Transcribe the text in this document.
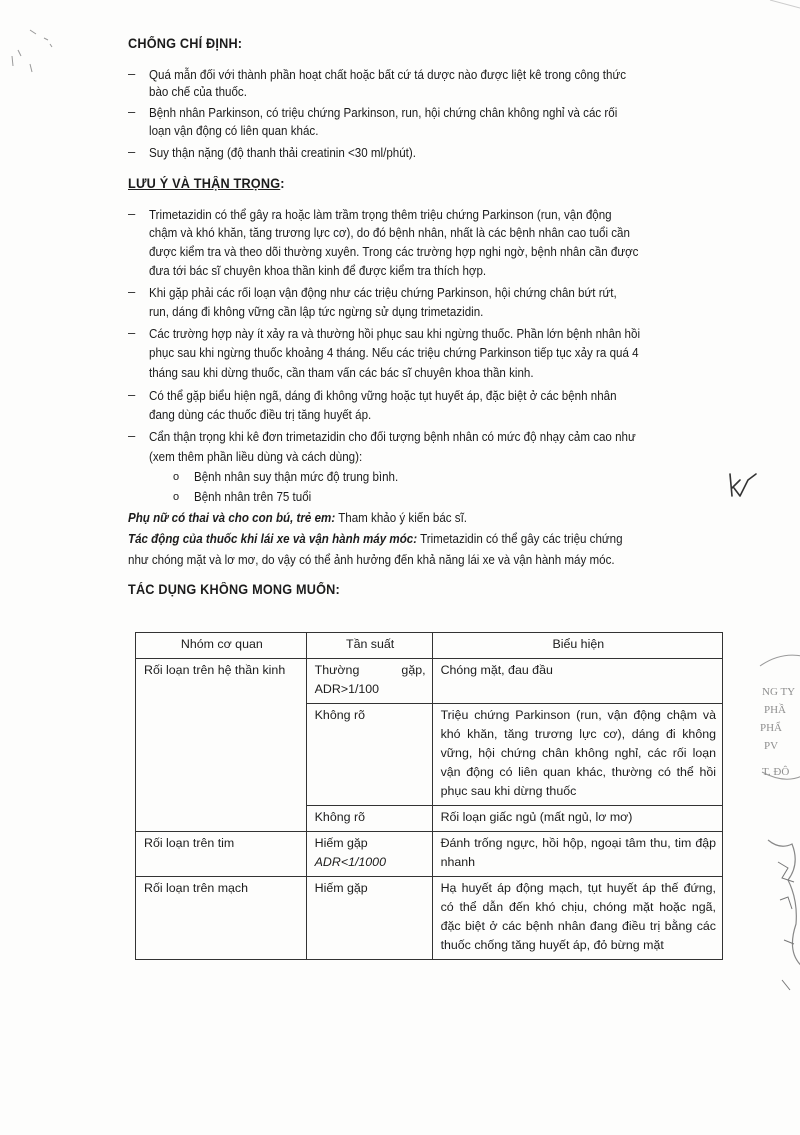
CHỐNG CHỈ ĐỊNH:
– Quá mẫn đối với thành phần hoạt chất hoặc bất cứ tá dược nào được liệt kê trong công thức
bào chế của thuốc.
– Bệnh nhân Parkinson, có triệu chứng Parkinson, run, hội chứng chân không nghỉ và các rối
loạn vận động có liên quan khác.
– Suy thận nặng (độ thanh thải creatinin <30 ml/phút).
LƯU Ý VÀ THẬN TRỌNG:
– Trimetazidin có thể gây ra hoặc làm trầm trọng thêm triệu chứng Parkinson (run, vận động
chậm và khó khăn, tăng trương lực cơ), do đó bệnh nhân, nhất là các bệnh nhân cao tuổi cần
được kiểm tra và theo dõi thường xuyên. Trong các trường hợp nghi ngờ, bệnh nhân cần được
đưa tới bác sĩ chuyên khoa thần kinh để được kiểm tra thích hợp.
– Khi gặp phải các rối loạn vận động như các triệu chứng Parkinson, hội chứng chân bứt rứt,
run, dáng đi không vững cần lập tức ngừng sử dụng trimetazidin.
– Các trường hợp này ít xảy ra và thường hồi phục sau khi ngừng thuốc. Phần lớn bệnh nhân hồi
phục sau khi ngừng thuốc khoảng 4 tháng. Nếu các triệu chứng Parkinson tiếp tục xảy ra quá 4
tháng sau khi dừng thuốc, cần tham vấn các bác sĩ chuyên khoa thần kinh.
– Có thể gặp biểu hiện ngã, dáng đi không vững hoặc tụt huyết áp, đặc biệt ở các bệnh nhân
đang dùng các thuốc điều trị tăng huyết áp.
– Cẩn thận trọng khi kê đơn trimetazidin cho đối tượng bệnh nhân có mức độ nhạy cảm cao như
(xem thêm phần liều dùng và cách dùng):
o Bệnh nhân suy thận mức độ trung bình.
o Bệnh nhân trên 75 tuổi
Phụ nữ có thai và cho con bú, trẻ em: Tham khảo ý kiến bác sĩ.
Tác động của thuốc khi lái xe và vận hành máy móc: Trimetazidin có thể gây các triệu chứng
như chóng mặt và lơ mơ, do vậy có thể ảnh hưởng đến khả năng lái xe và vận hành máy móc.
TÁC DỤNG KHÔNG MONG MUỐN:
Nhóm cơ quan	Tần suất	Biểu hiện

Rối loạn trên hệ thần kinh	Thường gặp, ADR>1/100	Chóng mặt, đau đầu

	Không rõ	Triệu chứng Parkinson (run, vận động chậm và khó khăn, tăng trương lực cơ), dáng đi không vững, hội chứng chân không nghỉ, các rối loạn vận động có liên quan khác, thường có thể hồi phục sau khi dừng thuốc

	Không rõ	Rối loạn giấc ngủ (mất ngủ, lơ mơ)
Rối loạn trên tim	Hiếm gặp
ADR<1/1000	Đánh trống ngực, hồi hộp, ngoại tâm thu, tim đập nhanh

Rối loạn trên mạch	Hiếm gặp	Hạ huyết áp động mạch, tụt huyết áp thế đứng, có thể dẫn đến khó chịu, chóng mặt hoặc ngã, đặc biệt ở các bệnh nhân đang điều trị bằng các thuốc chống tăng huyết áp, đỏ bừng mặt
NG TY
PHẦ
PHẨ
PV
T. ĐÔ
